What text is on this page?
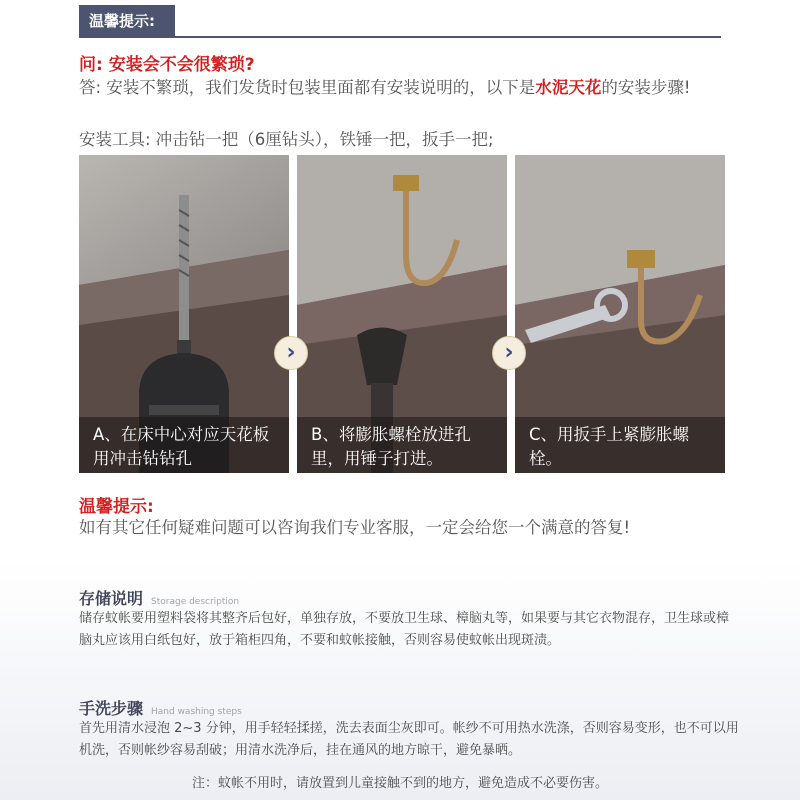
温馨提示:
问: 安装会不会很繁琐?
答: 安装不繁琐，我们发货时包装里面都有安装说明的，以下是水泥天花的安装步骤!
安装工具: 冲击钻一把（6厘钻头），铁锤一把，扳手一把;
A、在床中心对应天花板用冲击钻钻孔
B、将膨胀螺栓放进孔里，用锤子打进。
C、用扳手上紧膨胀螺栓。
›	›
温馨提示:
如有其它任何疑难问题可以咨询我们专业客服，一定会给您一个满意的答复!
存储说明 Storage description
储存蚊帐要用塑料袋将其整齐后包好，单独存放，不要放卫生球、樟脑丸等，如果要与其它衣物混存，卫生球或樟脑丸应该用白纸包好，放于箱柜四角，不要和蚊帐接触，否则容易使蚊帐出现斑渍。
手洗步骤 Hand washing steps
首先用清水浸泡 2~3 分钟，用手轻轻揉搓，洗去表面尘灰即可。帐纱不可用热水洗涤，否则容易变形，也不可以用机洗，否则帐纱容易刮破；用清水洗净后，挂在通风的地方晾干，避免暴晒。
注：蚊帐不用时，请放置到儿童接触不到的地方，避免造成不必要伤害。
